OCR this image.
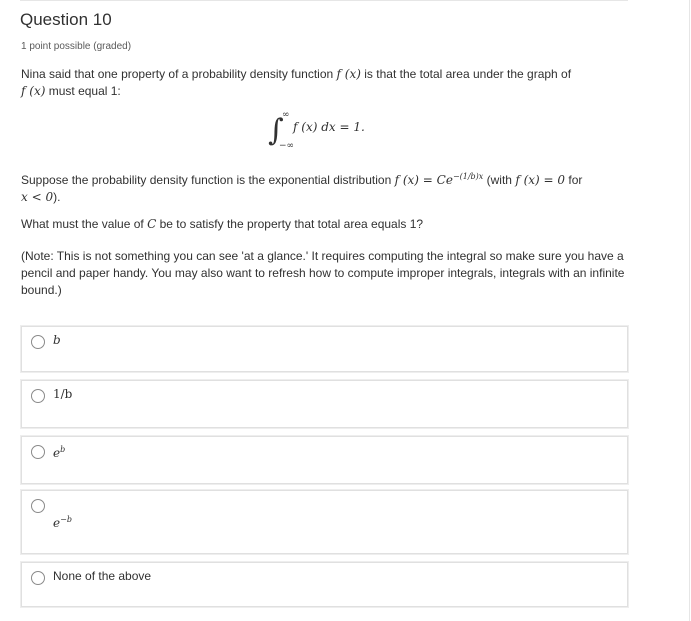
Question 10
1 point possible (graded)
Nina said that one property of a probability density function f (x) is that the total area under the graph of
f (x) must equal 1:
∫
∞
−∞
f (x) dx = 1.
Suppose the probability density function is the exponential distribution f $(x) = Ce^{-(1/b)x}$ (with f (x) = 0 for
x < 0).
What must the value of C be to satisfy the property that total area equals 1?
(Note: This is not something you can see 'at a glance.' It requires computing the integral so make sure you have a pencil and paper handy. You may also want to refresh how to compute improper integrals, integrals with an infinite bound.)
b
1/b
$e^b$
$e^{-b}$
None of the above
